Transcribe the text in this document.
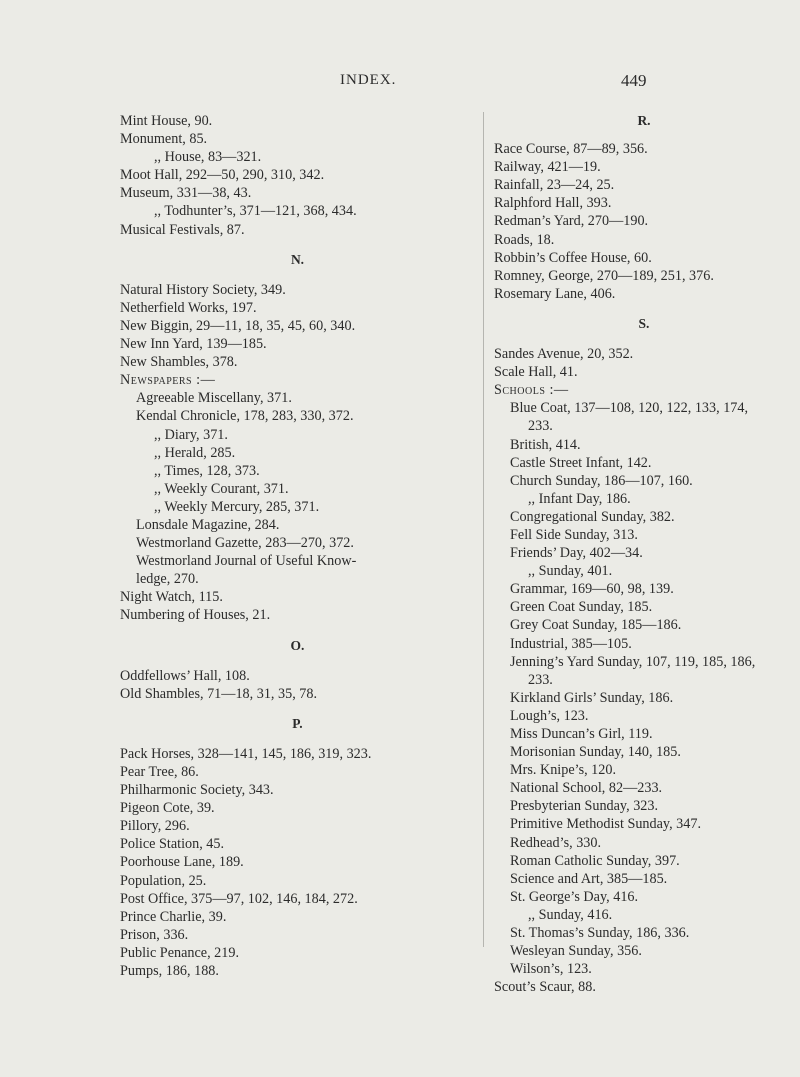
INDEX.	449
Mint House, 90.
Monument, 85.
,, House, 83—321.
Moot Hall, 292—50, 290, 310, 342.
Museum, 331—38, 43.
,, Todhunter’s, 371—121, 368, 434.
Musical Festivals, 87.
N.
Natural History Society, 349.
Netherfield Works, 197.
New Biggin, 29—11, 18, 35, 45, 60, 340.
New Inn Yard, 139—185.
New Shambles, 378.
Newspapers :—
Agreeable Miscellany, 371.
Kendal Chronicle, 178, 283, 330, 372.
,, Diary, 371.
,, Herald, 285.
,, Times, 128, 373.
,, Weekly Courant, 371.
,, Weekly Mercury, 285, 371.
Lonsdale Magazine, 284.
Westmorland Gazette, 283—270, 372.
Westmorland Journal of Useful Know-
ledge, 270.
Night Watch, 115.
Numbering of Houses, 21.
O.
Oddfellows’ Hall, 108.
Old Shambles, 71—18, 31, 35, 78.
P.
Pack Horses, 328—141, 145, 186, 319, 323.
Pear Tree, 86.
Philharmonic Society, 343.
Pigeon Cote, 39.
Pillory, 296.
Police Station, 45.
Poorhouse Lane, 189.
Population, 25.
Post Office, 375—97, 102, 146, 184, 272.
Prince Charlie, 39.
Prison, 336.
Public Penance, 219.
Pumps, 186, 188.
R.
Race Course, 87—89, 356.
Railway, 421—19.
Rainfall, 23—24, 25.
Ralphford Hall, 393.
Redman’s Yard, 270—190.
Roads, 18.
Robbin’s Coffee House, 60.
Romney, George, 270—189, 251, 376.
Rosemary Lane, 406.
S.
Sandes Avenue, 20, 352.
Scale Hall, 41.
Schools :—
Blue Coat, 137—108, 120, 122, 133, 174,
233.
British, 414.
Castle Street Infant, 142.
Church Sunday, 186—107, 160.
,, Infant Day, 186.
Congregational Sunday, 382.
Fell Side Sunday, 313.
Friends’ Day, 402—34.
,, Sunday, 401.
Grammar, 169—60, 98, 139.
Green Coat Sunday, 185.
Grey Coat Sunday, 185—186.
Industrial, 385—105.
Jenning’s Yard Sunday, 107, 119, 185, 186,
233.
Kirkland Girls’ Sunday, 186.
Lough’s, 123.
Miss Duncan’s Girl, 119.
Morisonian Sunday, 140, 185.
Mrs. Knipe’s, 120.
National School, 82—233.
Presbyterian Sunday, 323.
Primitive Methodist Sunday, 347.
Redhead’s, 330.
Roman Catholic Sunday, 397.
Science and Art, 385—185.
St. George’s Day, 416.
,, Sunday, 416.
St. Thomas’s Sunday, 186, 336.
Wesleyan Sunday, 356.
Wilson’s, 123.
Scout’s Scaur, 88.
